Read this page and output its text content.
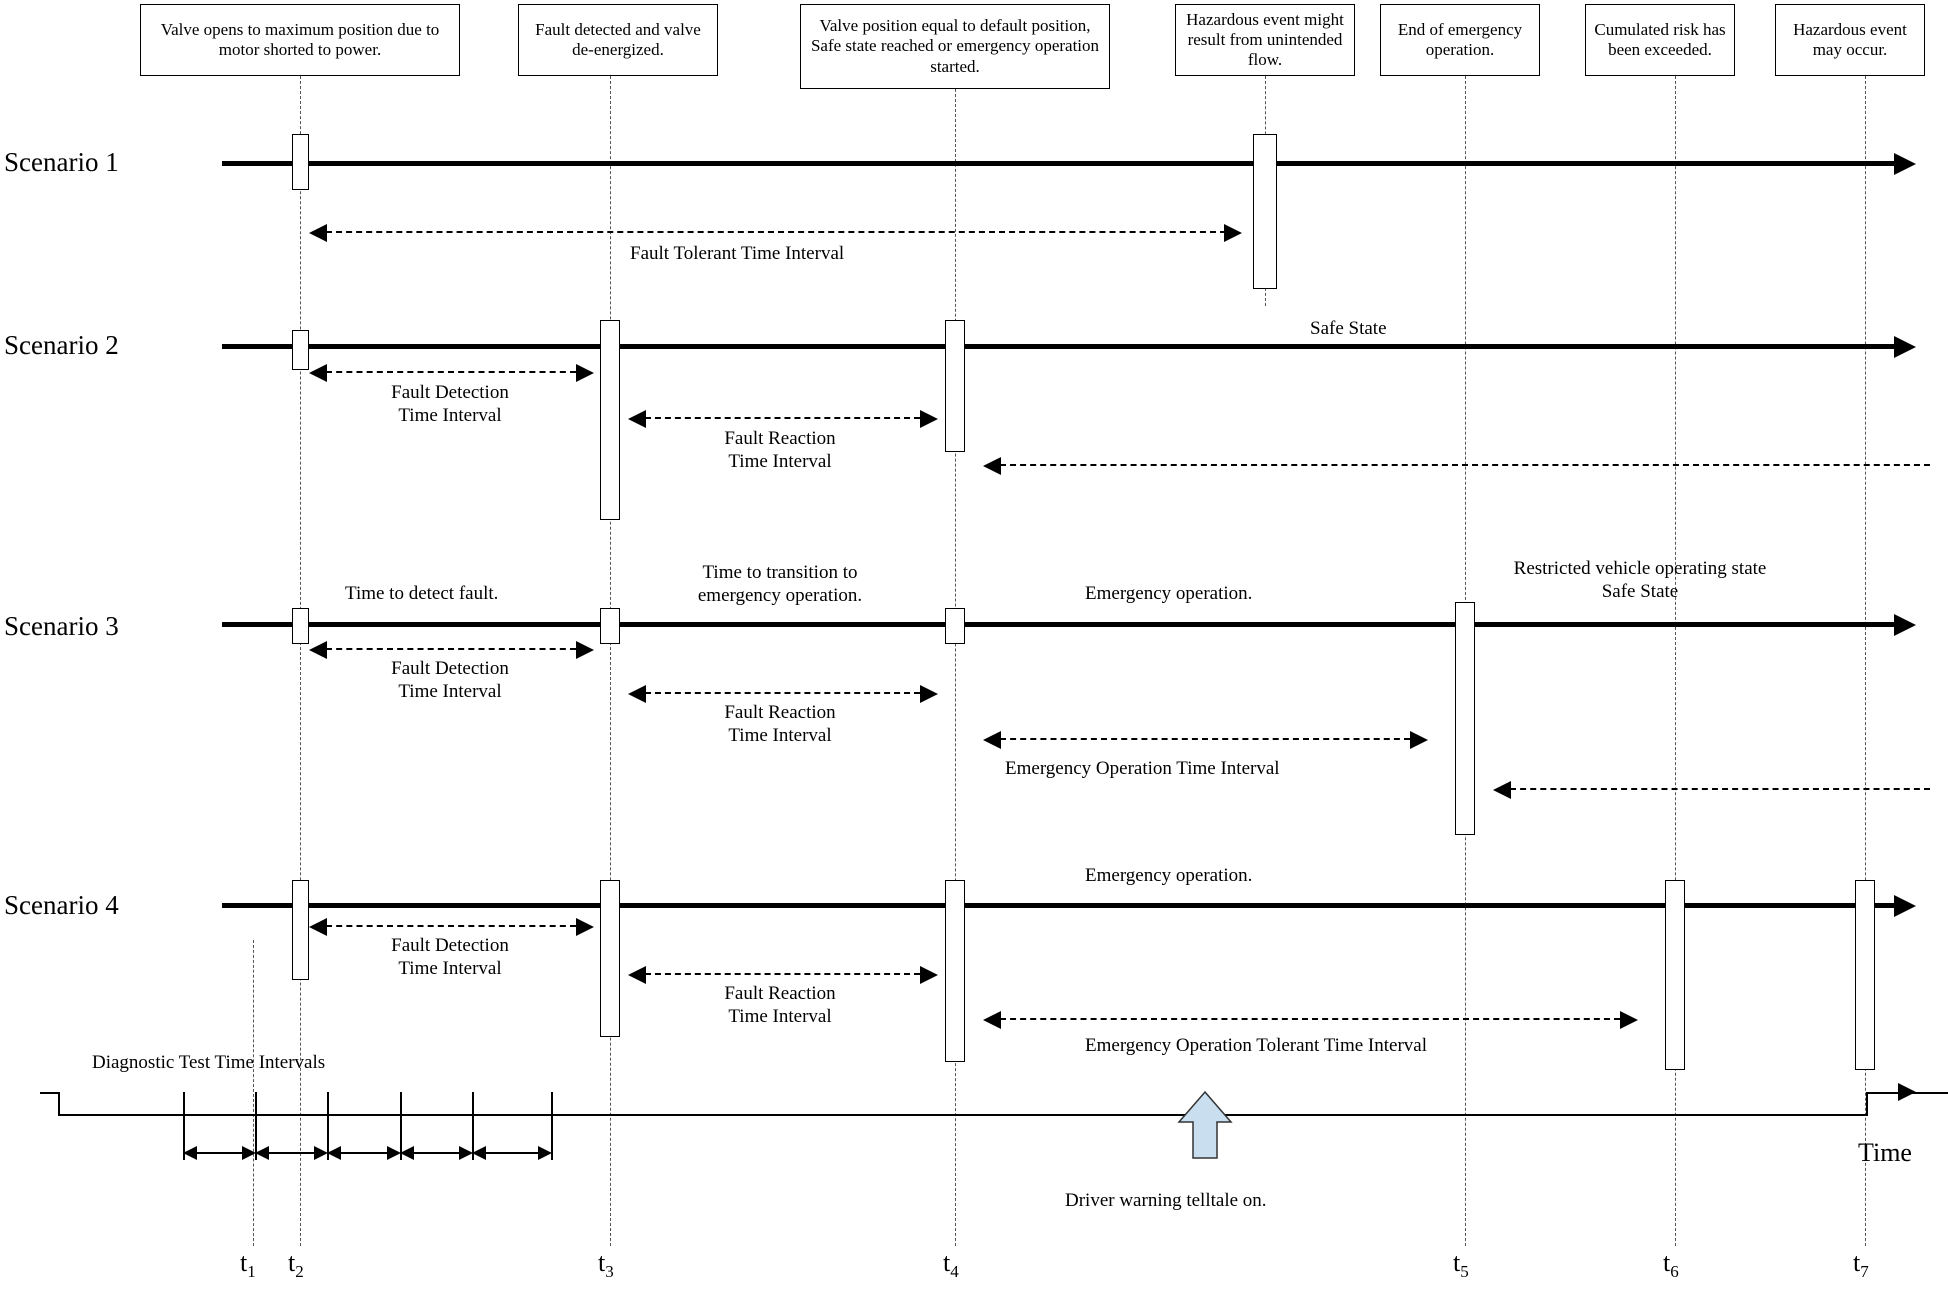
Valve opens to maximum position due to motor shorted to power.
Fault detected and valve de-energized.
Valve position equal to default position, Safe state reached or emergency operation started.
Hazardous event might result from unintended flow.
End of emergency operation.
Cumulated risk has been exceeded.
Hazardous event may occur.
Scenario 1
Fault Tolerant Time Interval
Scenario 2
Safe State
Fault Detection
Time Interval
Fault Reaction
Time Interval
Time to detect fault.
Time to transition to
emergency operation.	Emergency operation.
Restricted vehicle operating state
Safe State
Scenario 3
Fault Detection
Time Interval
Fault Reaction
Time Interval
Emergency Operation Time Interval
Emergency operation.
Scenario 4
Fault Detection
Time Interval
Fault Reaction
Time Interval
Emergency Operation Tolerant Time Interval
Diagnostic Test Time Intervals
Time
Driver warning telltale on.
$t_1$ $t_2$	$t_3$	$t_4$	$t_5$	$t_6$	$t_7$
